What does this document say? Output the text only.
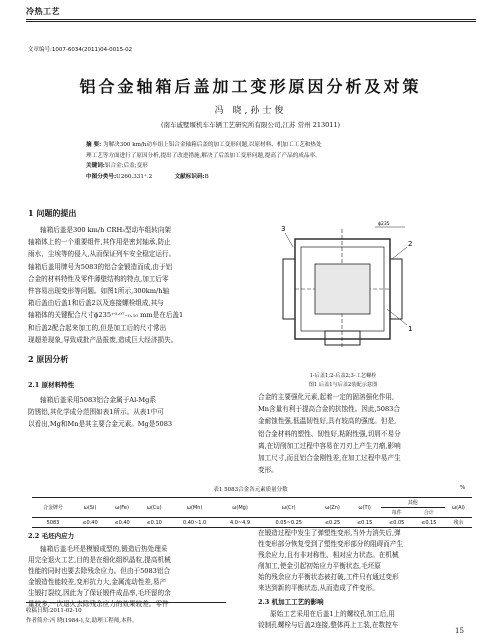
冷热工艺
文章编号:1007-6034(2011)04-0015-02
铝合金轴箱后盖加工变形原因分析及对策
冯 晓,孙士俊
(南车戚墅堰机车车辆工艺研究所有限公司,江苏 常州 213011)
摘 要: 为解决300 km/h动车组上铝合金轴箱后盖的加工变形问题,以原材料、机加工工艺和热处
理工艺等方面进行了原因分析,提出了改进措施,解决了后盖加工变形问题,提高了产品的成品率。
关键词:铝合金;后盖;变形
中图分类号:U260.331⁺.2    	文献标识码:B
1 问题的提出
轴箱后盖是300 km/h CRH₃型动车组转向架
轴箱体上的一个重要组件,其作用是密封轴承,防止
雨水、尘埃等的侵入,从而保证列车安全稳定运行。
轴箱后盖用牌号为5083的铝合金锻造而成,由于铝
合金的材料特性及零件薄壁结构的特点,加工后零
件容易出现变形等问题。如图1所示,300km/h轴
箱后盖由后盖1和后盖2以及连接螺栓组成,其与
轴箱体的关键配合尺寸ϕ235⁺⁰·⁰⁷₋₀.₁₀ mm是在后盖1
和后盖2配合起来加工的,但是加工后的尺寸常出
现超差现象,导致成批产品报废,造成巨大经济损失。
2 原因分析
2.1 原材料特性
轴箱后盖采用5083铝合金属于Al-Mg系
防锈铝,其化学成分范围如表1所示。从表1中可
以看出,Mg和Mn是其主要合金元素。Mg是5083
3
2
1
ϕ235
1-后盖1;2-后盖2;3-工艺螺栓
图1 后盖1与后盖2装配示意图
合金的主要强化元素,起着一定的固溶强化作用,
Mn含量有利于提高合金的抗蚀性。因此,5083合
金耐蚀性强,低温韧性好,具有较高的强度。但是,
铝合金材料的塑性、韧性好,粘附性强,切屑不易分
离,在切削加工过程中容易在刀刃上产生刀瘤,影响
加工尺寸,而且铝合金刚性差,在加工过程中易产生
变形。
表1 5083合金各元素质量分数	%
合金牌号	ω(Si)	ω(Fe)	ω(Cu)	ω(Mn)	ω(Mg)	ω(Cr)	ω(Zn)	ω(Ti)	其他		ω(Al)
									每件	合计	
5083	≤0.40	≤0.40	≤0.10	0.40~1.0	4.0~4.9	0.05~0.25	≤0.25	≤0.15	≤0.05	≤0.15	残余
2.2 毛坯内应力
轴箱后盖毛坯是模锻成型的,锻造后热处理采
用完全退火工艺,目的是在细化组织晶粒,提高机械
性能的同时也要去除残余应力。但由于5083铝合
金锻造性能较差,变形抗力大,金属流动性差,易产
生锻打裂纹,因此为了保证锻件成品率,毛坯留的余
量较多,一次退火去除残余应力的效果较差。零件
在锻造过程中发生了弹塑性变形,当外力消失后,弹
性变形部分恢复受到了塑性变形部分的阻碍而产生
残余应力,且有非对称性、相对应力状态。在机械
削加工,使金引起初始应力平衡状态,毛坯原
始的残余应力平衡状态被打破,工件只有通过变形
来达到新的平衡状态,从而造成了件变形。
2.3 机加工工艺的影响
原始工艺采用在后盖1上的螺纹孔加工后,用
铰制孔螺栓与后盖2连接,整体再上工装,在数控车
收稿日期:2011-02-10
作者简介:冯 晓(1984-),女,助理工程师,本科。
15
